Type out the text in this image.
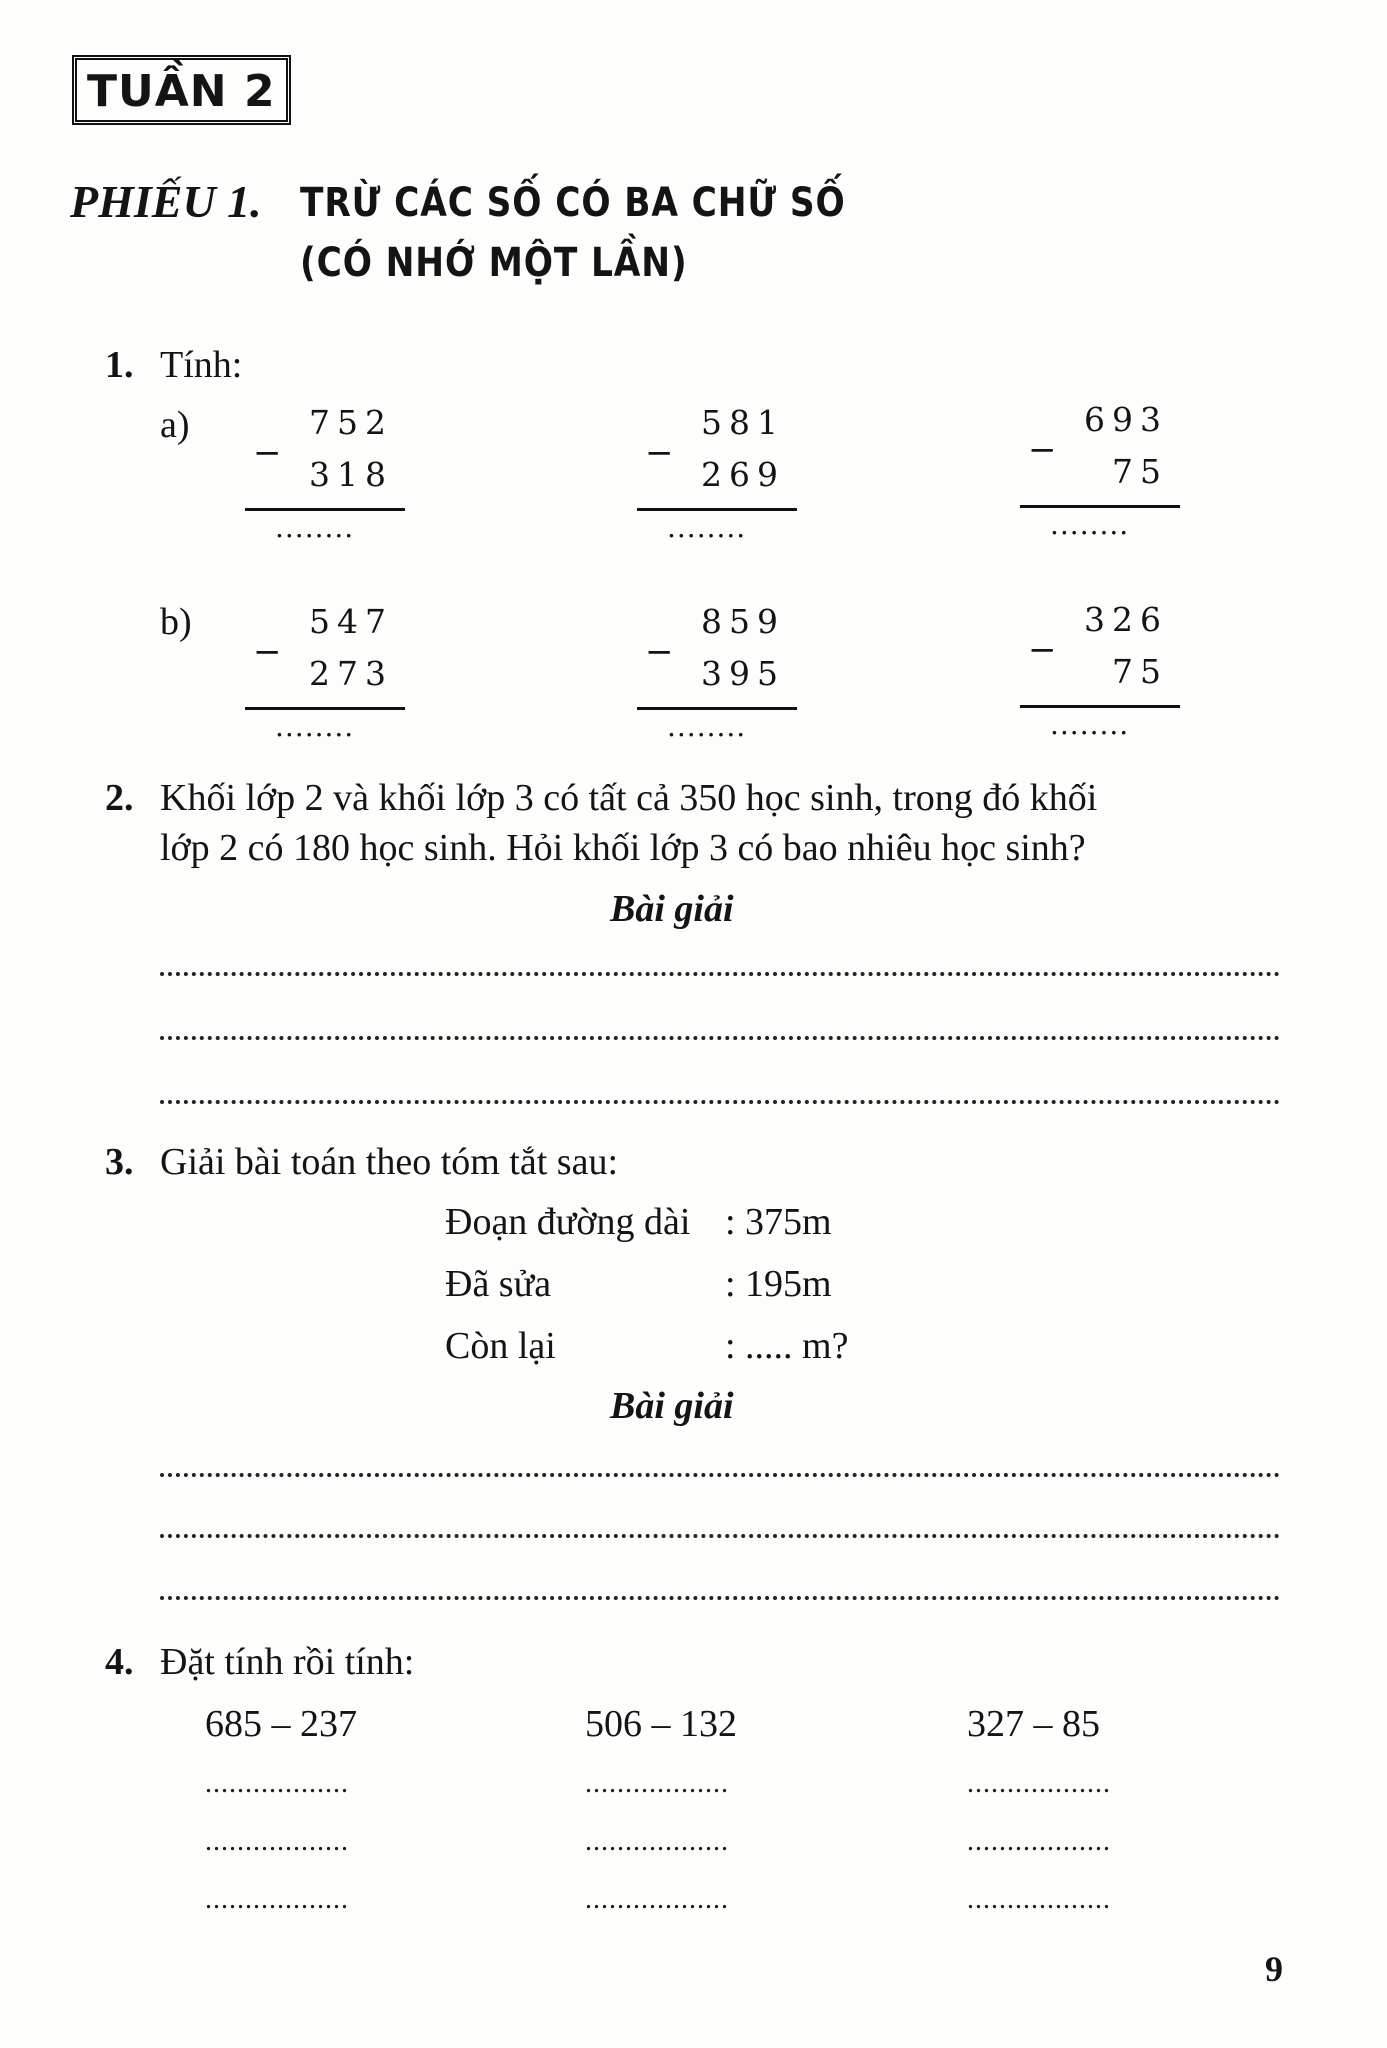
TUẦN 2
PHIẾU 1. TRỪ CÁC SỐ CÓ BA CHỮ SỐ
(CÓ NHỚ MỘT LẦN)
1. Tính:
a)	752
−
318
........
581
−
269
........
693
−
75
........
b)	547
−
273
........
859
−
395
........
326
−
75
........
2. Khối lớp 2 và khối lớp 3 có tất cả 350 học sinh, trong đó khối
lớp 2 có 180 học sinh. Hỏi khối lớp 3 có bao nhiêu học sinh?
Bài giải
3. Giải bài toán theo tóm tắt sau:
Đoạn đường dài : 375m
Đã sửa	: 195m
Còn lại	: ..... m?
Bài giải
4. Đặt tính rồi tính:
685 – 237
..................
..................
..................
506 – 132
..................
..................
..................
327 – 85
..................
..................
..................
9
